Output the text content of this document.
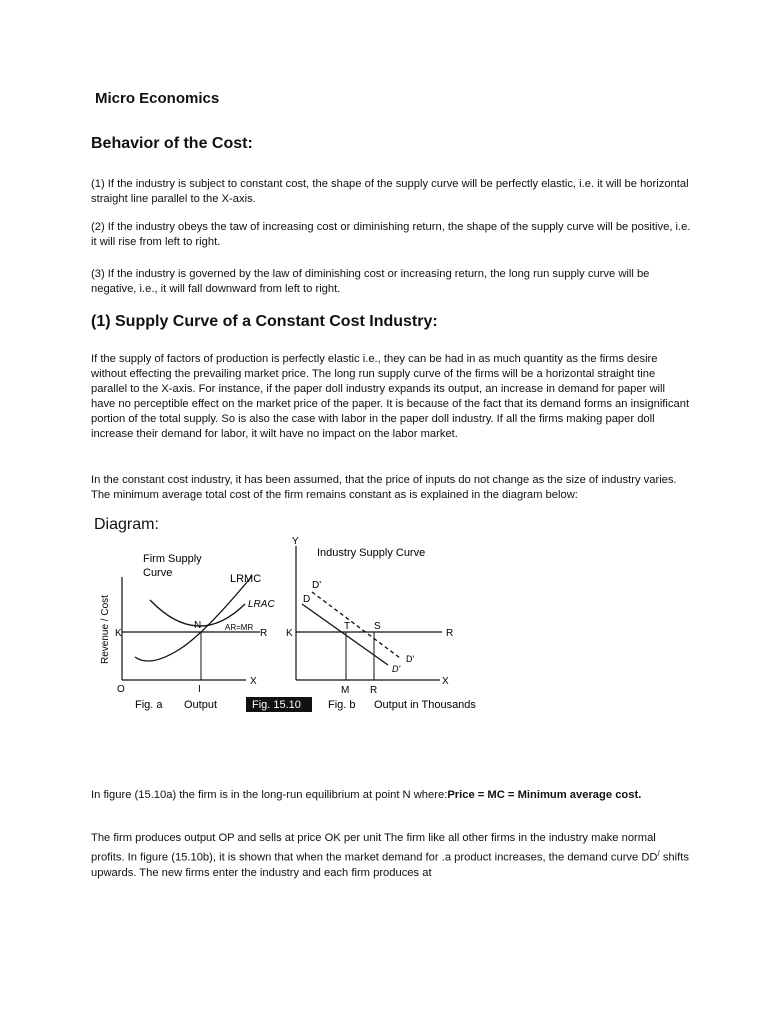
Micro Economics
Behavior of the Cost:
(1) If the industry is subject to constant cost, the shape of the supply curve will be perfectly elastic, i.e. it will be horizontal straight line parallel to the X-axis.
(2) If the industry obeys the taw of increasing cost or diminishing return, the shape of the supply curve will be positive, i.e. it will rise from left to right.
(3) If the industry is governed by the law of diminishing cost or increasing return, the long run supply curve will be negative, i.e., it will fall downward from left to right.
(1) Supply Curve of a Constant Cost Industry:
If the supply of factors of production is perfectly elastic i.e., they can be had in as much quantity as the firms desire without effecting the prevailing market price. The long run supply curve of the firms will be a horizontal straight tine parallel to the X-axis. For instance, if the paper doll industry expands its output, an increase in demand for paper will have no perceptible effect on the market price of the paper. It is because of the fact that its demand forms an insignificant portion of the total supply. So is also the case with labor in the paper doll industry. If all the firms making paper doll increase their demand for labor, it wilt have no impact on the labor market.
In the constant cost industry, it has been assumed, that the price of inputs do not change as the size of industry varies. The minimum average total cost of the firm remains constant as is explained in the diagram below:
Diagram:
Revenue / Cost
Firm Supply
Curve	LRMC
LRAC
N	AR=MR
R
K
X
O	I
Y
Industry Supply Curve
D'
D
T S
R
K
D'
D'
X
M R
Fig. a Output	Fig. 15.10 Fig. b Output in Thousands
In figure (15.10a) the firm is in the long-run equilibrium at point N where:Price = MC = Minimum average cost.
The firm produces output OP and sells at price OK per unit The firm like all other firms in the industry make normal profits. In figure (15.10b), it is shown that when the market demand for .a product increases, the demand curve DD/ shifts upwards. The new firms enter the industry and each firm produces at
